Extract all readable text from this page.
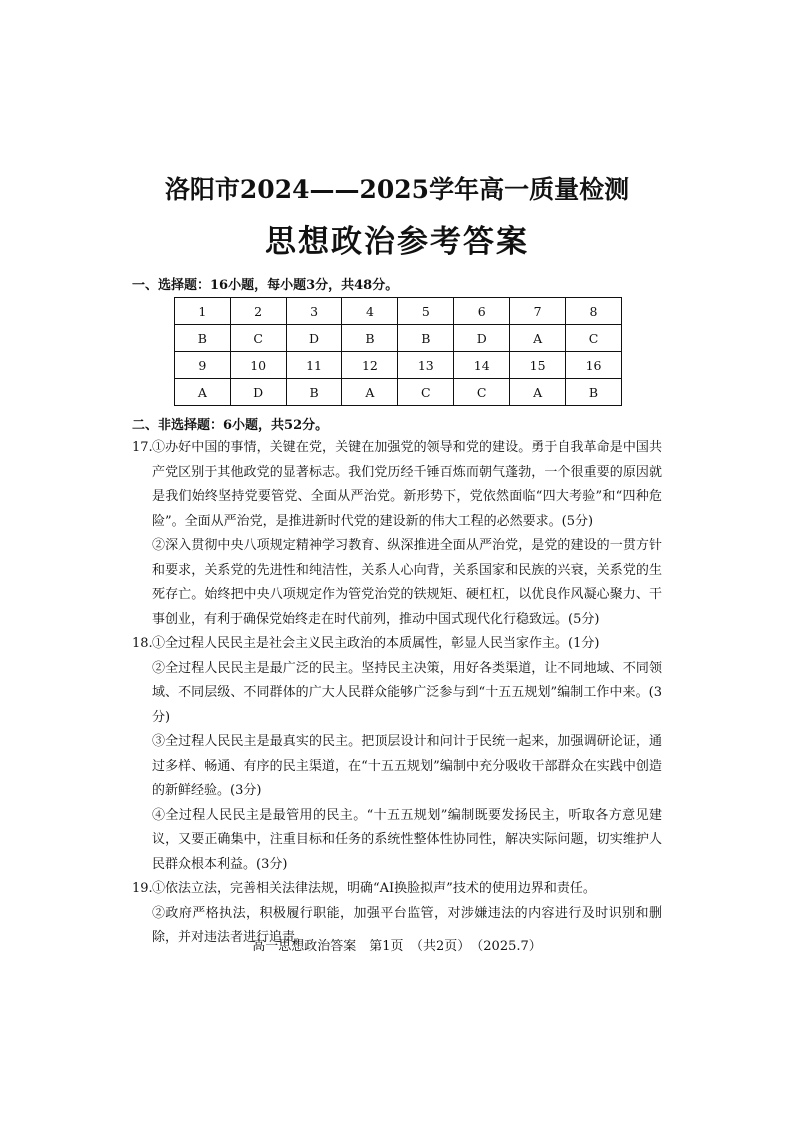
洛阳市2024——2025学年高一质量检测
思想政治参考答案
一、选择题：16小题，每小题3分，共48分。
1	2	3	4	5	6	7	8
B	C	D	B	B	D	A	C
9	10	11	12	13	14	15	16
A	D	B	A	C	C	A	B
二、非选择题：6小题，共52分。
17. ①办好中国的事情，关键在党，关键在加强党的领导和党的建设。勇于自我革命是中国共产党区别于其他政党的显著标志。我们党历经千锤百炼而朝气蓬勃，一个很重要的原因就是我们始终坚持党要管党、全面从严治党。新形势下，党依然面临“四大考验”和“四种危险”。全面从严治党，是推进新时代党的建设新的伟大工程的必然要求。(5分)

②深入贯彻中央八项规定精神学习教育、纵深推进全面从严治党，是党的建设的一贯方针和要求，关系党的先进性和纯洁性，关系人心向背，关系国家和民族的兴衰，关系党的生死存亡。始终把中央八项规定作为管党治党的铁规矩、硬杠杠，以优良作风凝心聚力、干事创业，有利于确保党始终走在时代前列，推动中国式现代化行稳致远。(5分)

18. ①全过程人民民主是社会主义民主政治的本质属性，彰显人民当家作主。(1分)

②全过程人民民主是最广泛的民主。坚持民主决策，用好各类渠道，让不同地域、不同领域、不同层级、不同群体的广大人民群众能够广泛参与到“十五五规划”编制工作中来。(3分)

③全过程人民民主是最真实的民主。把顶层设计和问计于民统一起来，加强调研论证，通过多样、畅通、有序的民主渠道，在“十五五规划”编制中充分吸收干部群众在实践中创造的新鲜经验。(3分)

④全过程人民民主是最管用的民主。“十五五规划”编制既要发扬民主，听取各方意见建议，又要正确集中，注重目标和任务的系统性整体性协同性，解决实际问题，切实维护人民群众根本利益。(3分)

19. ①依法立法，完善相关法律法规，明确“AI换脸拟声”技术的使用边界和责任。

②政府严格执法，积极履行职能，加强平台监管，对涉嫌违法的内容进行及时识别和删除，并对违法者进行追责。

高一思想政治答案　第1页　（共2页）　（2025.7）
